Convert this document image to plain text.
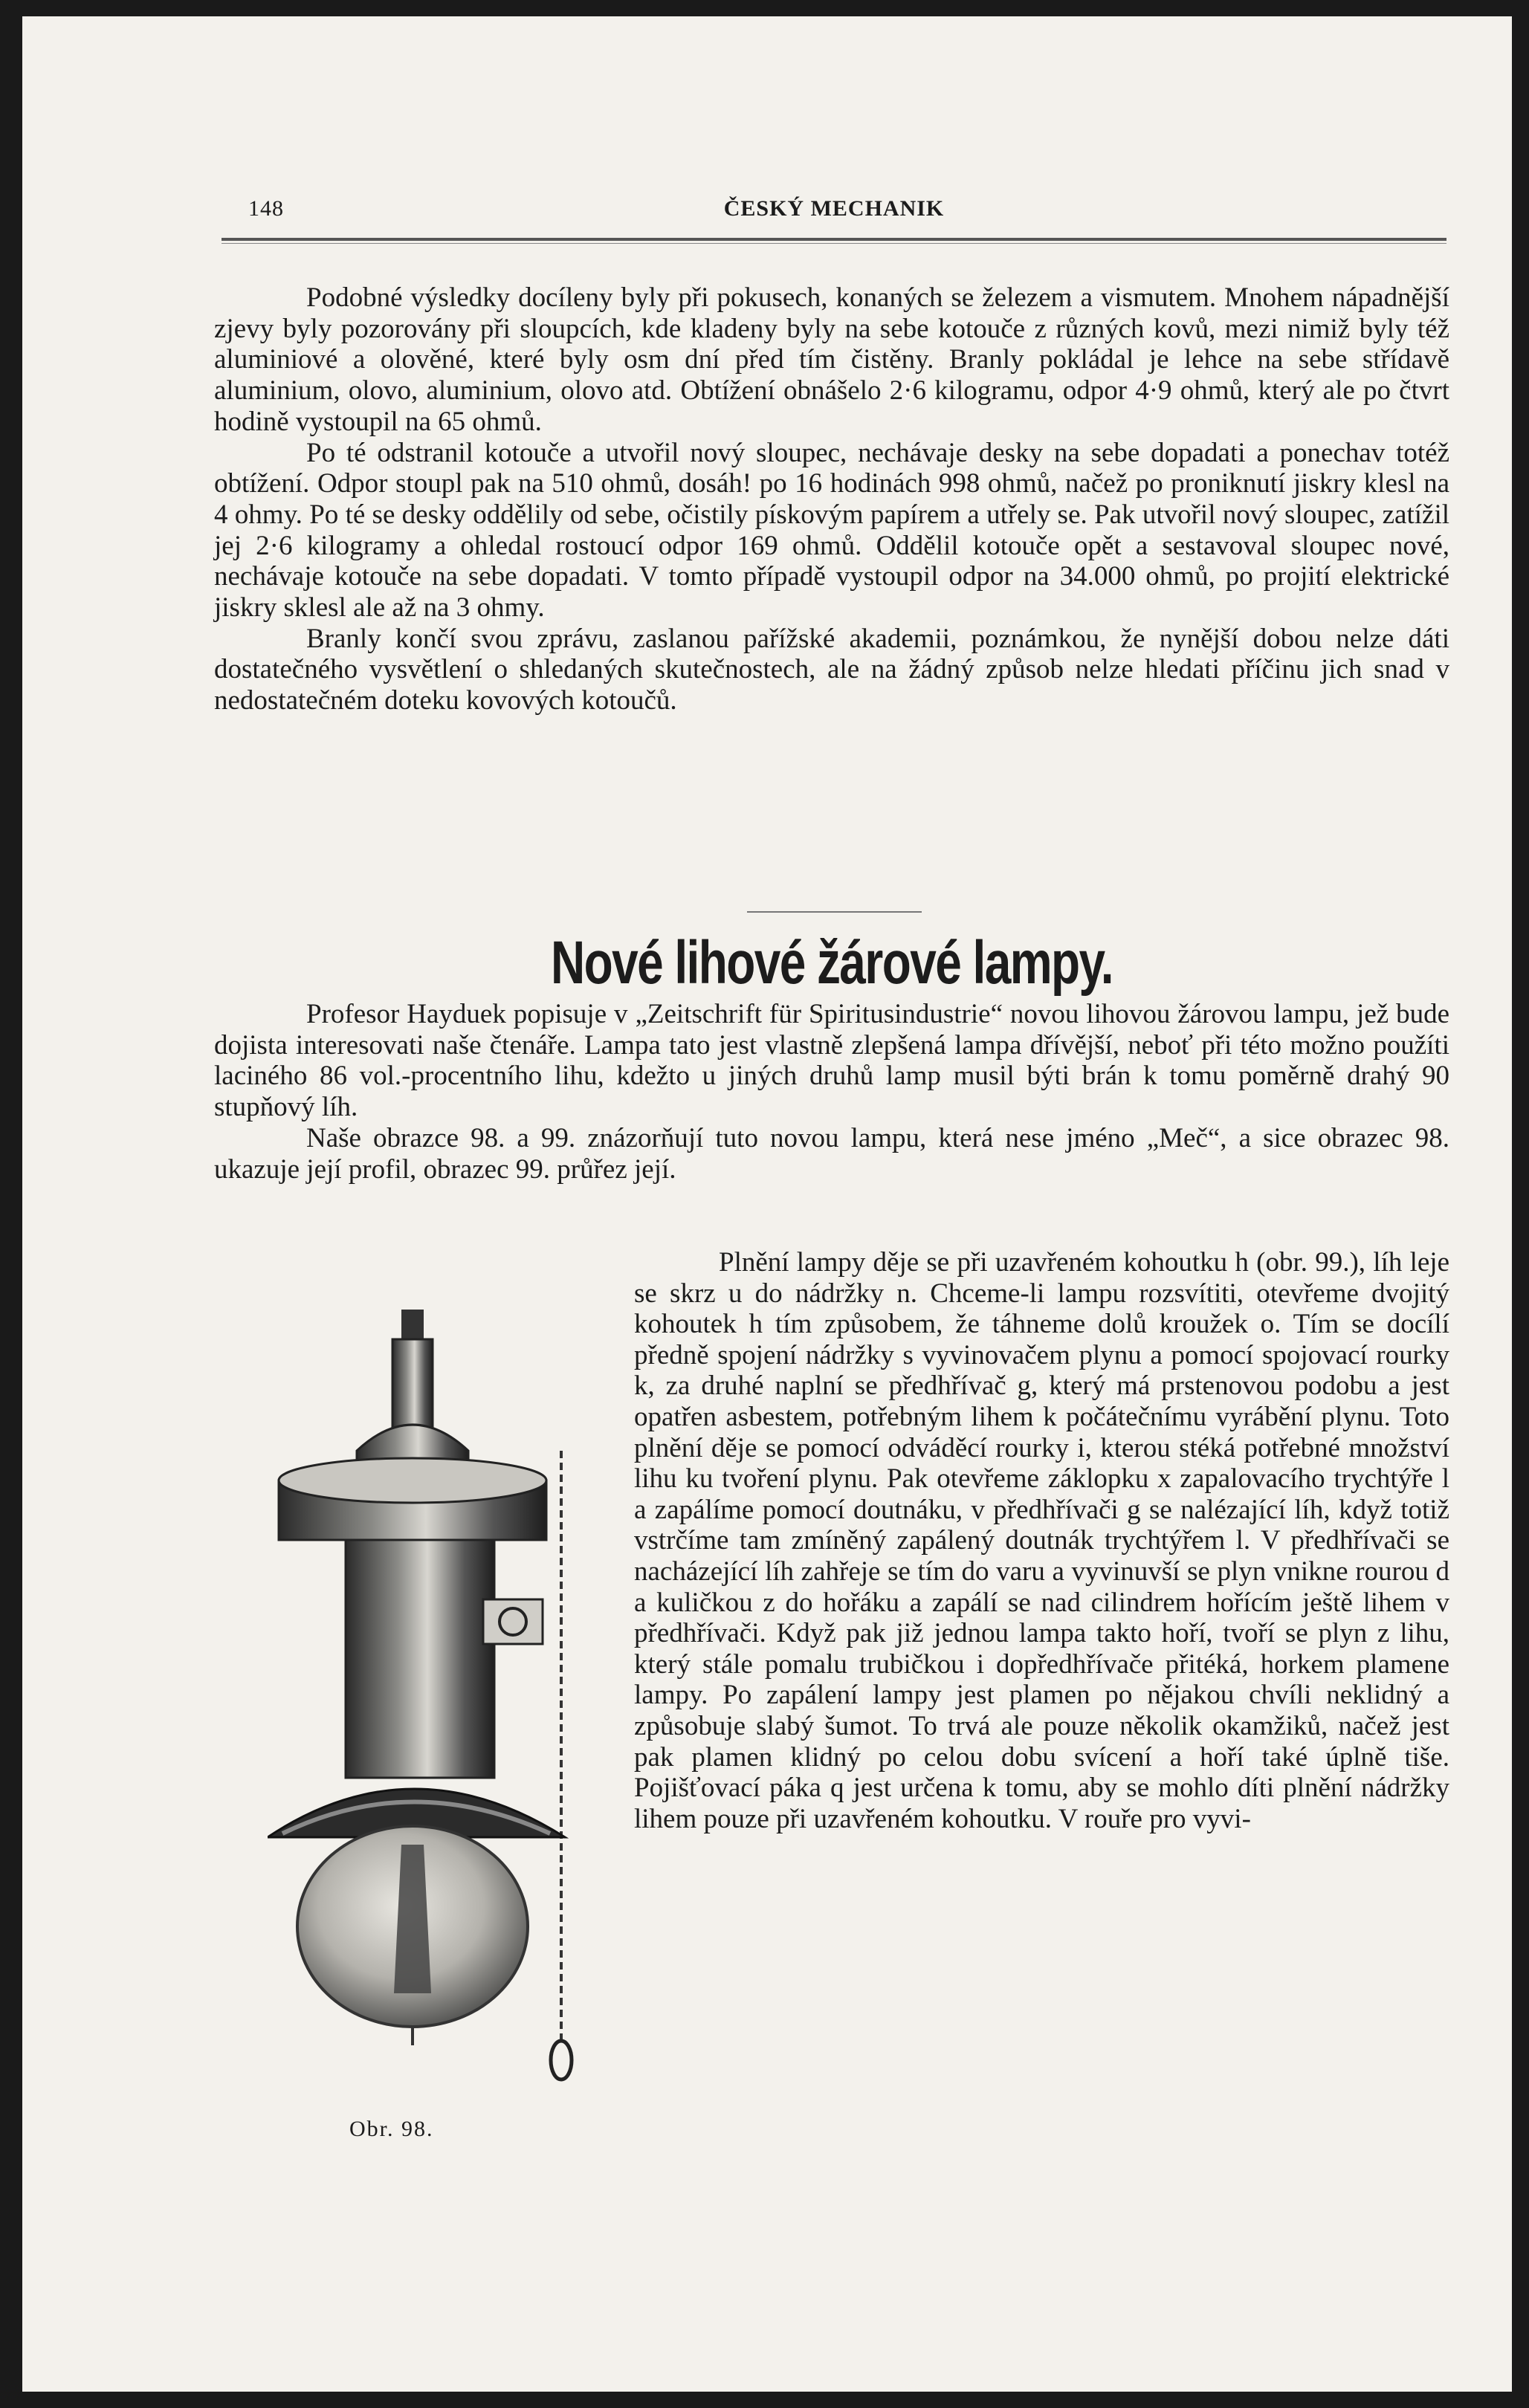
148	ČESKÝ MECHANIK

Podobné výsledky docíleny byly při pokusech, konaných se železem a vismutem. Mnohem nápadnější zjevy byly pozorovány při sloupcích, kde kladeny byly na sebe kotouče z různých kovů, mezi nimiž byly též aluminiové a olověné, které byly osm dní před tím čistěny. Branly pokládal je lehce na sebe střídavě aluminium, olovo, aluminium, olovo atd. Obtížení obnášelo 2·6 kilogramu, odpor 4·9 ohmů, který ale po čtvrt hodině vystoupil na 65 ohmů.

Po té odstranil kotouče a utvořil nový sloupec, nechávaje desky na sebe dopadati a ponechav totéž obtížení. Odpor stoupl pak na 510 ohmů, dosáh! po 16 hodinách 998 ohmů, načež po proniknutí jiskry klesl na 4 ohmy. Po té se desky oddělily od sebe, očistily pískovým papírem a utřely se. Pak utvořil nový sloupec, zatížil jej 2·6 kilogramy a ohledal rostoucí odpor 169 ohmů. Oddělil kotouče opět a sestavoval sloupec nové, nechávaje kotouče na sebe dopadati. V tomto případě vystoupil odpor na 34.000 ohmů, po projití elektrické jiskry sklesl ale až na 3 ohmy.

Branly končí svou zprávu, zaslanou pařížské akademii, poznámkou, že nynější dobou nelze dáti dostatečného vysvětlení o shledaných skutečnostech, ale na žádný způsob nelze hledati příčinu jich snad v nedostatečném doteku kovových kotoučů.

Nové lihové žárové lampy.

Profesor Hayduek popisuje v „Zeitschrift für Spiritusindustrie“ novou lihovou žárovou lampu, jež bude dojista interesovati naše čtenáře. Lampa tato jest vlastně zlepšená lampa dřívější, neboť při této možno použíti laciného 86 vol.-procentního lihu, kdežto u jiných druhů lamp musil býti brán k tomu poměrně drahý 90 stupňový líh.

Naše obrazce 98. a 99. znázorňují tuto novou lampu, která nese jméno „Meč“, a sice obrazec 98. ukazuje její profil, obrazec 99. průřez její.

Obr. 98.

Plnění lampy děje se při uzavřeném kohoutku h (obr. 99.), líh leje se skrz u do nádržky n. Chceme-li lampu rozsvítiti, otevřeme dvojitý kohoutek h tím způsobem, že táhneme dolů kroužek o. Tím se docílí předně spojení nádržky s vyvinovačem plynu a pomocí spojovací rourky k, za druhé naplní se předhřívač g, který má prstenovou podobu a jest opatřen asbestem, potřebným lihem k počátečnímu vyrábění plynu. Toto plnění děje se pomocí odváděcí rourky i, kterou stéká potřebné množství lihu ku tvoření plynu. Pak otevřeme záklopku x zapalovacího trychtýře l a zapálíme pomocí doutnáku, v předhřívači g se nalézající líh, když totiž vstrčíme tam zmíněný zapálený doutnák trychtýřem l. V předhřívači se nacházející líh zahřeje se tím do varu a vyvinuvší se plyn vnikne rourou d a kuličkou z do hořáku a zapálí se nad cilindrem hořícím ještě lihem v předhřívači. Když pak již jednou lampa takto hoří, tvoří se plyn z lihu, který stále pomalu trubičkou i dopředhřívače přitéká, horkem plamene lampy. Po zapálení lampy jest plamen po nějakou chvíli neklidný a způsobuje slabý šumot. To trvá ale pouze několik okamžiků, načež jest pak plamen klidný po celou dobu svícení a hoří také úplně tiše. Pojišťovací páka q jest určena k tomu, aby se mohlo díti plnění nádržky lihem pouze při uzavřeném kohoutku. V rouře pro vyvi-
